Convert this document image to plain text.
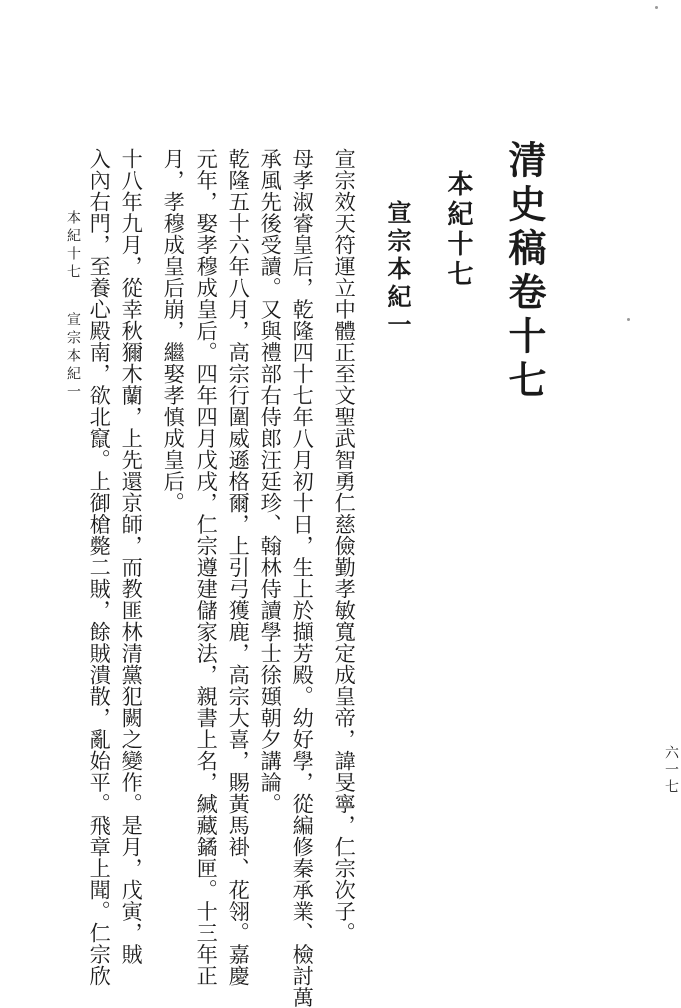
清史稿卷十七
本紀十七
宣宗本紀一
宣宗效天符運立中體正至文聖武智勇仁慈儉勤孝敏寬定成皇帝，諱旻寧，仁宗次子。
母孝淑睿皇后，乾隆四十七年八月初十日，生上於擷芳殿。幼好學，從編修秦承業、檢討萬
承風先後受讀。又與禮部右侍郎汪廷珍、翰林侍讀學士徐頲朝夕講論。
乾隆五十六年八月，高宗行圍威遜格爾，上引弓獲鹿，高宗大喜，賜黃馬褂、花翎。嘉慶
元年，娶孝穆成皇后。四年四月戊戌，仁宗遵建儲家法，親書上名，緘藏鐍匣。十三年正
月，孝穆成皇后崩，繼娶孝慎成皇后。
十八年九月，從幸秋獮木蘭，上先還京師，而教匪林清黨犯闕之變作。是月，戊寅，賊
入內右門，至養心殿南，欲北竄。上御槍斃二賊，餘賊潰散，亂始平。飛章上聞。仁宗欣
本紀十七宣宗本紀一
六一七
